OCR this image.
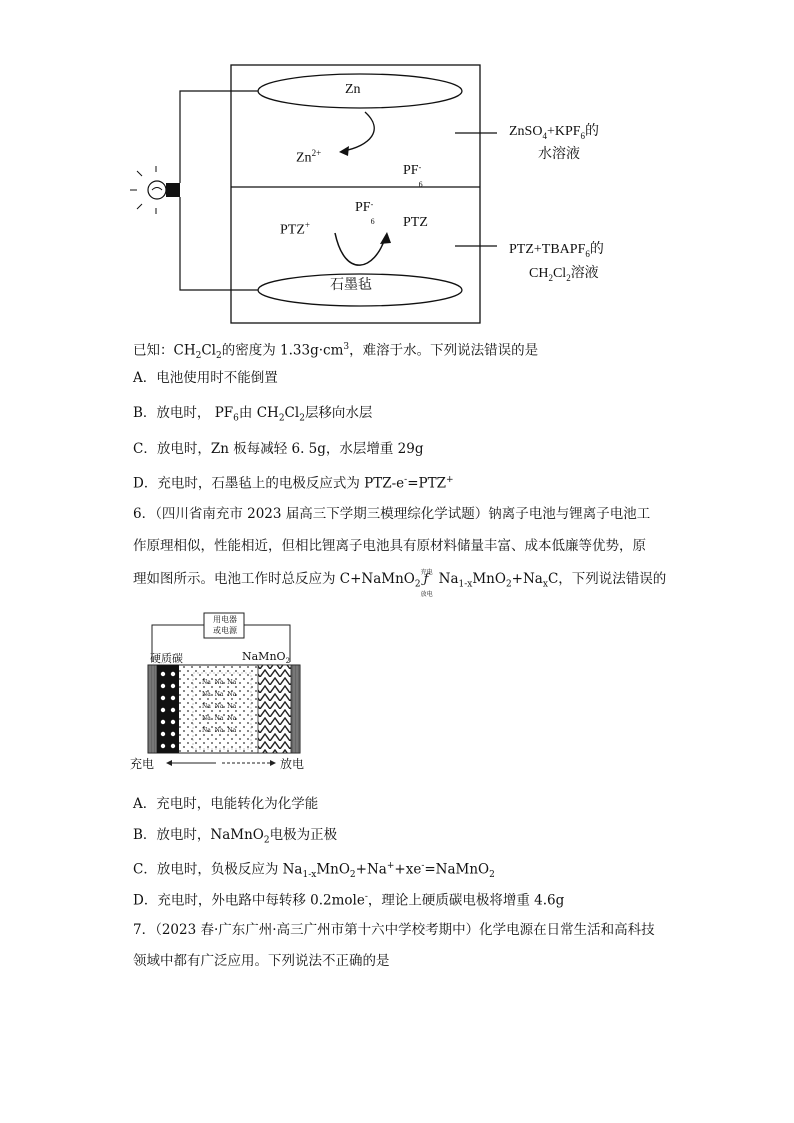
Zn
$Zn^{2+}$
PF -
6
PF -
6
PTZ+	PTZ
石墨毡
$ZnSO_4+KPF_6$的
水溶液
$PTZ+TBAPF_6$的
$CH_2Cl_2$溶液
已知：$CH_2Cl_2$的密度为 $1.33g\cdot cm^3$，难溶于水。下列说法错误的是
A．电池使用时不能倒置
B．放电时， $PF_6$由 $CH_2Cl_2$层移向水层
C．放电时，Zn 板每减轻 6. 5g，水层增重 29g
D．充电时，石墨毡上的电极反应式为 PTZ-e-=PTZ+
6．（四川省南充市 2023 届高三下学期三模理综化学试题）钠离子电池与锂离子电池工
作原理相似，性能相近，但相比锂离子电池具有原材料储量丰富、成本低廉等优势，原
理如图所示。电池工作时总反应为 C+NaMnO$_2$
充电
ƒ
放电
$Na_{1-x}MnO_2+Na_xC$，下列说法错误的
用电器
或电源
硬质碳	NaMnO$_2$
Na Na Na
Na Na Na
Na Na Na
Na Na Na
Na Na Na
充电	放电
A．充电时，电能转化为化学能
B．放电时，NaMnO$_2$电极为正极
C．放电时，负极反应为 $Na_{1-x}MnO_2+Na^++xe^-=NaMnO_2$
D．充电时，外电路中每转移 0.2mole-，理论上硬质碳电极将增重 4.6g
7．（2023 春·广东广州·高三广州市第十六中学校考期中）化学电源在日常生活和高科技
领域中都有广泛应用。下列说法不正确的是
